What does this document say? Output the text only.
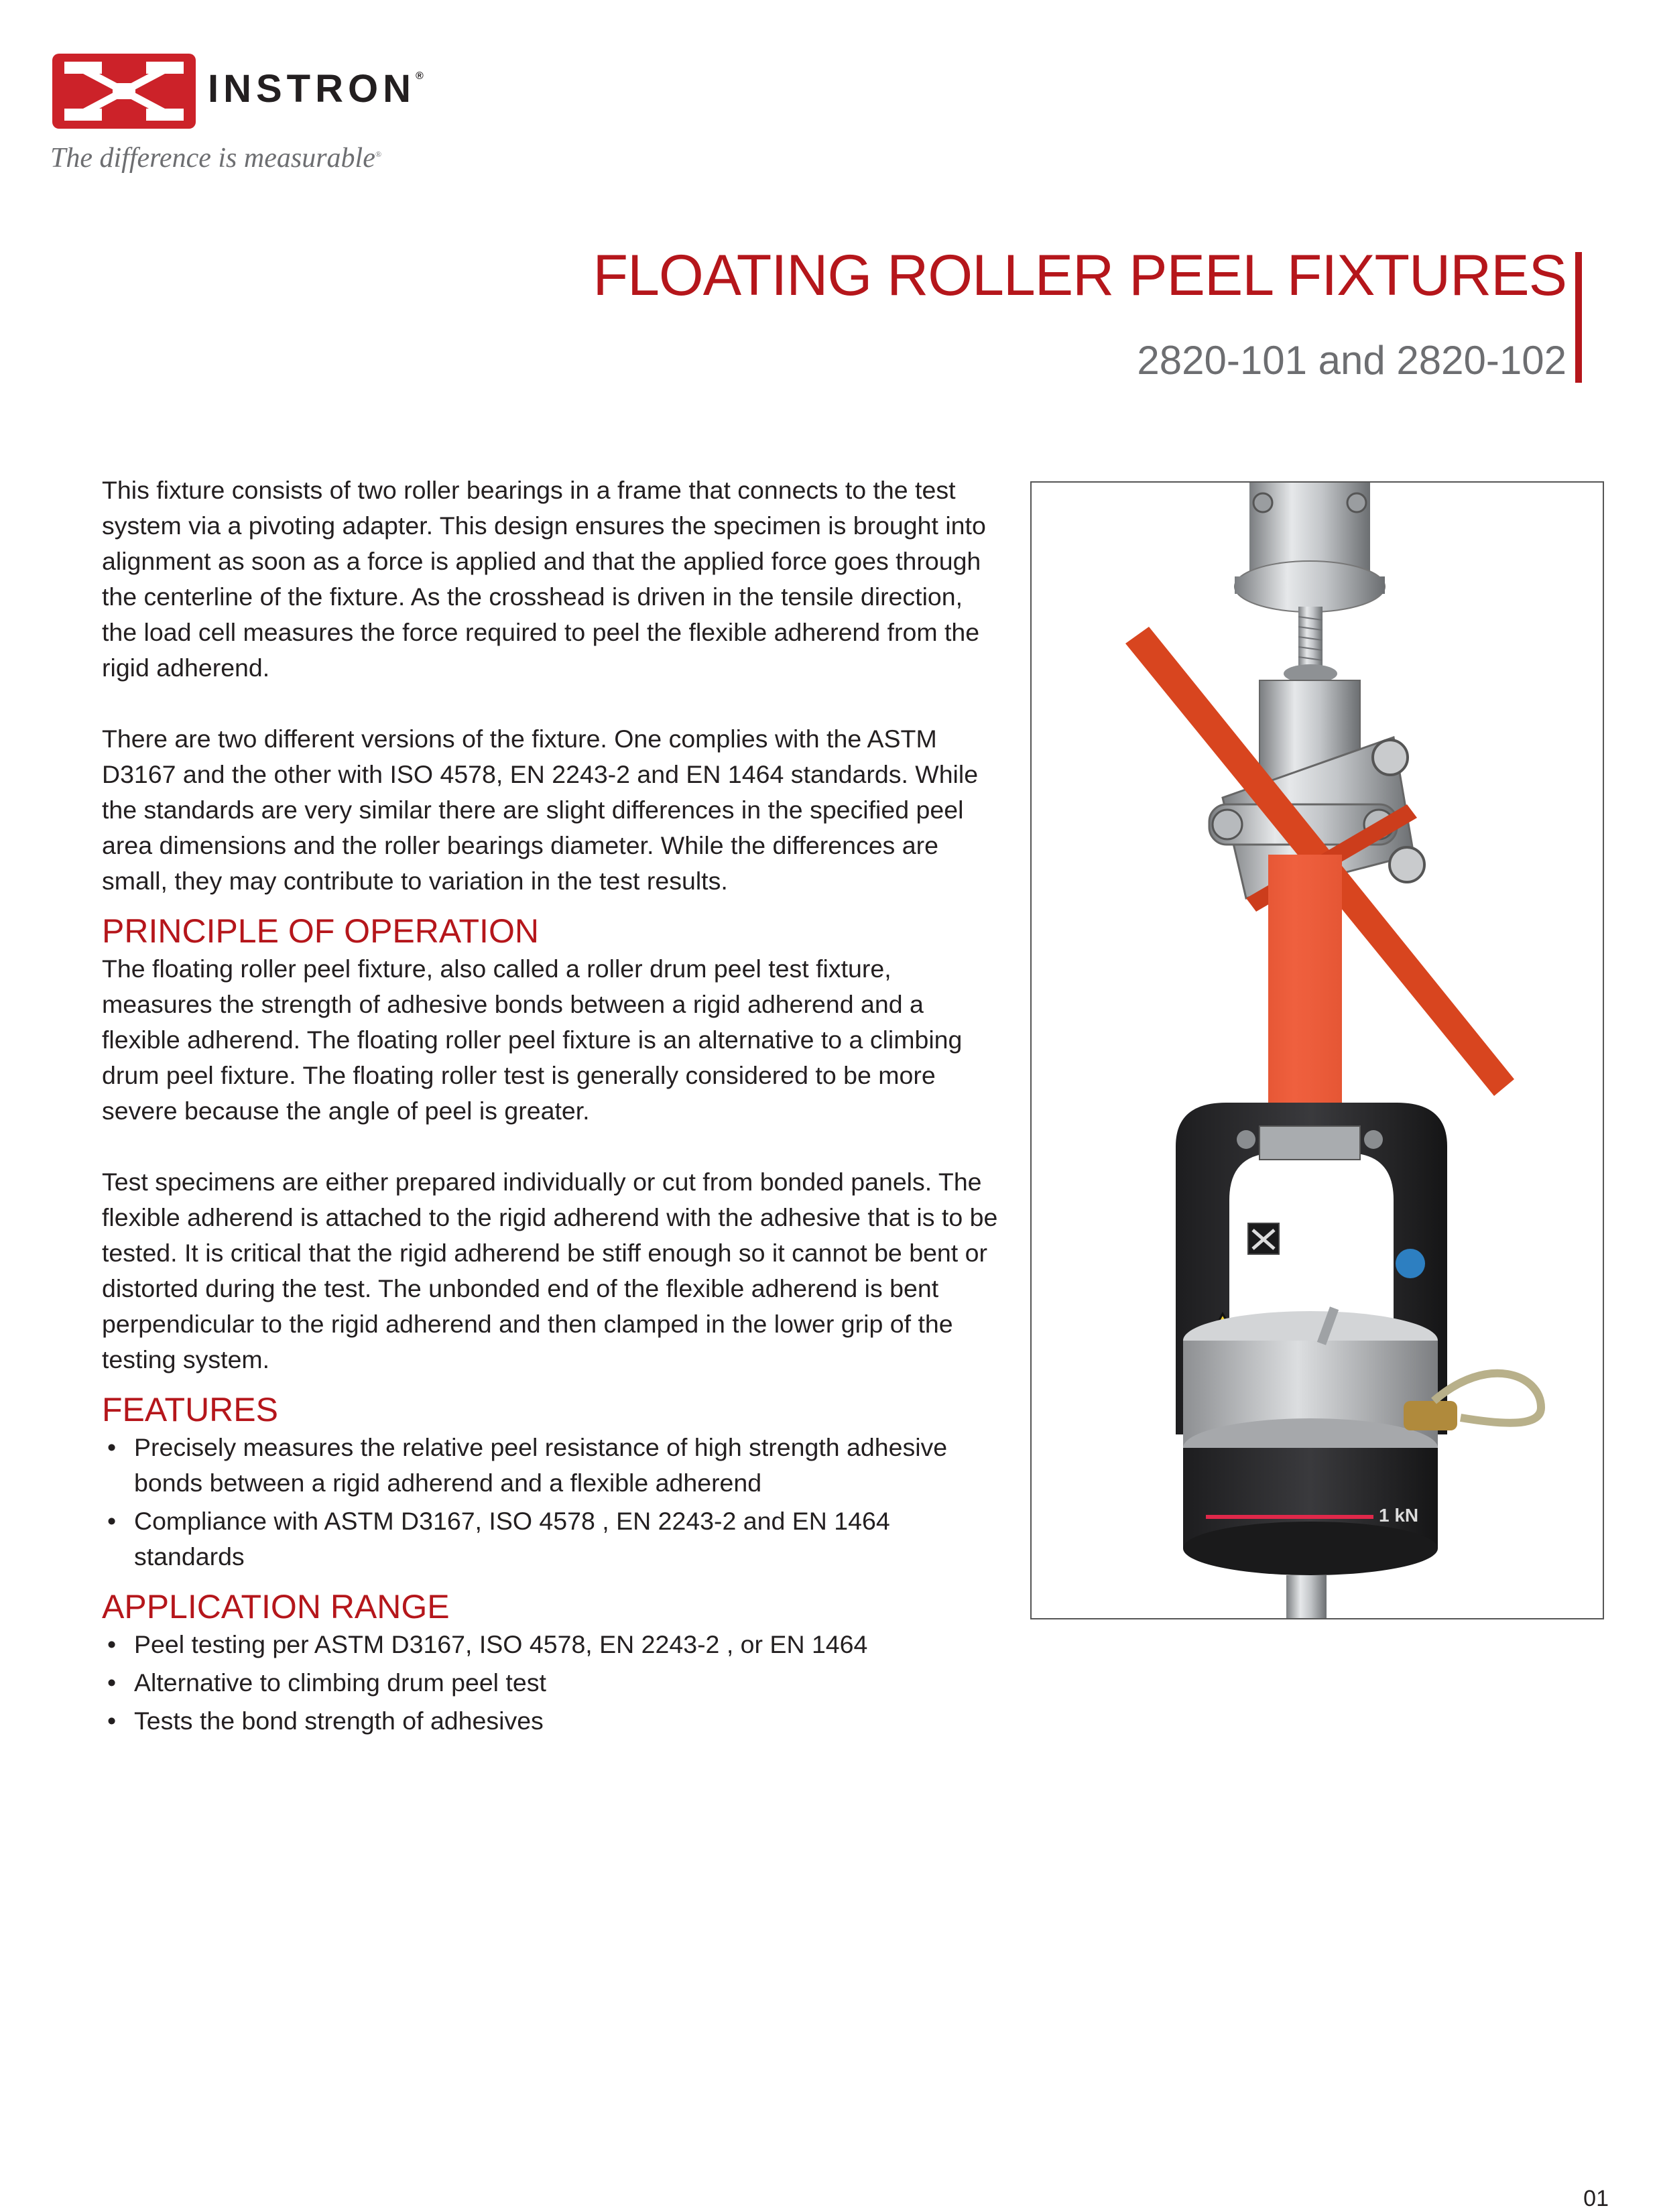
INSTRON®
The difference is measurable®
FLOATING ROLLER PEEL FIXTURES
2820-101 and 2820-102

This fixture consists of two roller bearings in a frame that connects to the test system via a pivoting adapter. This design ensures the specimen is brought into alignment as soon as a force is applied and that the applied force goes through the centerline of the fixture. As the crosshead is driven in the tensile direction, the load cell measures the force required to peel the flexible adherend from the rigid adherend.

There are two different versions of the fixture. One complies with the ASTM D3167 and the other with ISO 4578, EN 2243-2 and EN 1464 standards. While the standards are very similar there are slight differences in the specified peel area dimensions and the roller bearings diameter. While the differences are small, they may contribute to variation in the test results.

PRINCIPLE OF OPERATION

The floating roller peel fixture, also called a roller drum peel test fixture, measures the strength of adhesive bonds between a rigid adherend and a flexible adherend. The floating roller peel fixture is an alternative to a climbing drum peel fixture. The floating roller test is generally considered to be more severe because the angle of peel is greater.

Test specimens are either prepared individually or cut from bonded panels. The flexible adherend is attached to the rigid adherend with the adhesive that is to be tested. It is critical that the rigid adherend be stiff enough so it cannot be bent or distorted during the test. The unbonded end of the flexible adherend is bent perpendicular to the rigid adherend and then clamped in the lower grip of the testing system.

FEATURES
• Precisely measures the relative peel resistance of high strength adhesive bonds between a rigid adherend and a flexible adherend
• Compliance with ASTM D3167, ISO 4578 , EN 2243-2 and EN 1464 standards
APPLICATION RANGE
• Peel testing per ASTM D3167, ISO 4578, EN 2243-2 , or EN 1464
• Alternative to climbing drum peel test
• Tests the bond strength of adhesives
1 kN
01
